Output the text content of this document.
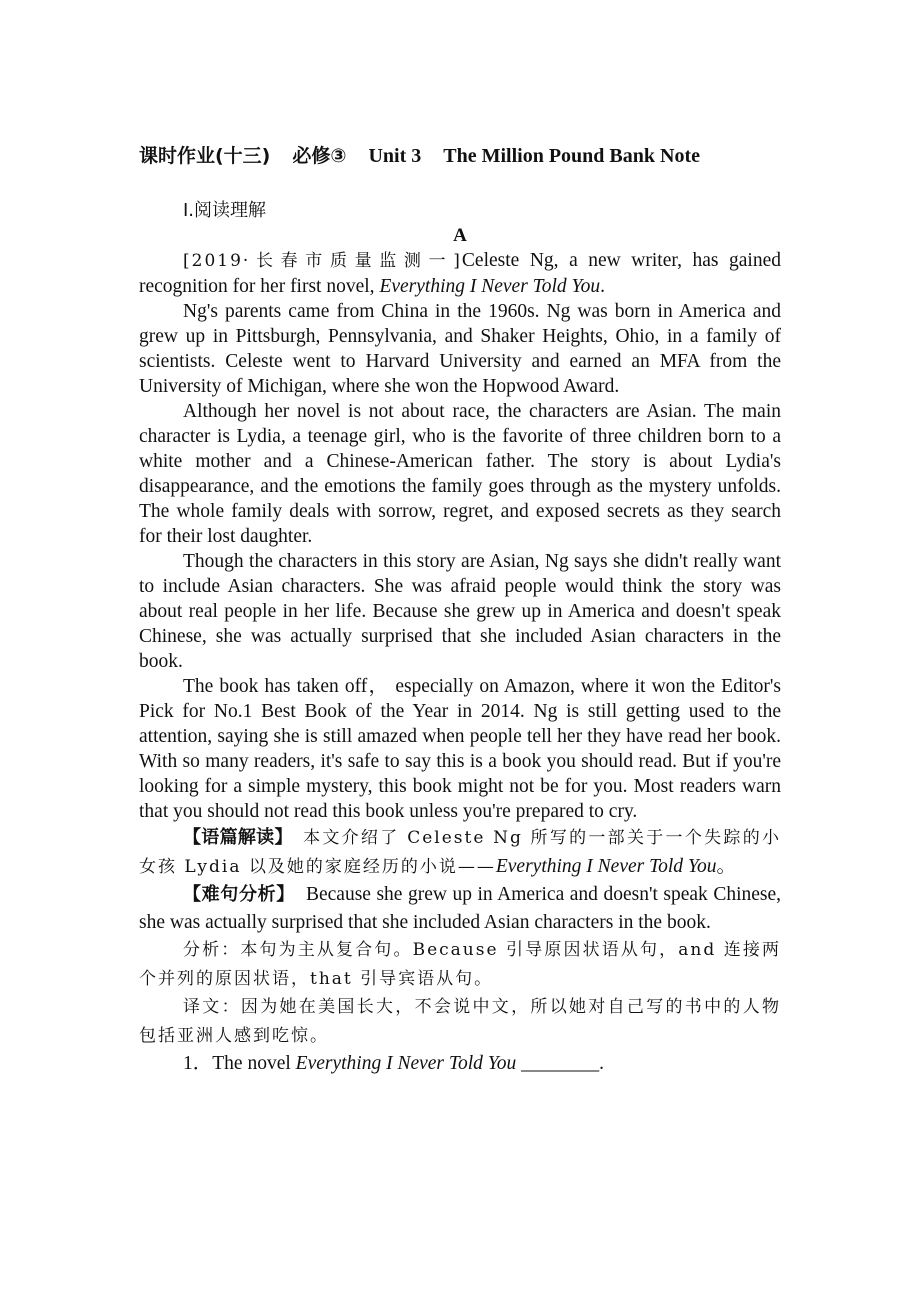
课时作业(十三) 必修③ Unit 3 The Million Pound Bank Note
Ⅰ.阅读理解
A

[2019·长春市质量监测一]Celeste Ng, a new writer, has gained recognition for her first novel, Everything I Never Told You.

Ng's parents came from China in the 1960s. Ng was born in America and grew up in Pittsburgh, Pennsylvania, and Shaker Heights, Ohio, in a family of scientists. Celeste went to Harvard University and earned an MFA from the University of Michigan, where she won the Hopwood Award.

Although her novel is not about race, the characters are Asian. The main character is Lydia, a teenage girl, who is the favorite of three children born to a white mother and a Chinese-American father. The story is about Lydia's disappearance, and the emotions the family goes through as the mystery unfolds. The whole family deals with sorrow, regret, and exposed secrets as they search for their lost daughter.

Though the characters in this story are Asian, Ng says she didn't really want to include Asian characters. She was afraid people would think the story was about real people in her life. Because she grew up in America and doesn't speak Chinese, she was actually surprised that she included Asian characters in the book.

The book has taken off， especially on Amazon, where it won the Editor's Pick for No.1 Best Book of the Year in 2014. Ng is still getting used to the attention, saying she is still amazed when people tell her they have read her book. With so many readers, it's safe to say this is a book you should read. But if you're looking for a simple mystery, this book might not be for you. Most readers warn that you should not read this book unless you're prepared to cry.

【语篇解读】 本文介绍了 Celeste Ng 所写的一部关于一个失踪的小女孩 Lydia 以及她的家庭经历的小说——Everything I Never Told You。

【难句分析】 Because she grew up in America and doesn't speak Chinese, she was actually surprised that she included Asian characters in the book.

分析：本句为主从复合句。Because 引导原因状语从句，and 连接两个并列的原因状语，that 引导宾语从句。

译文：因为她在美国长大，不会说中文，所以她对自己写的书中的人物包括亚洲人感到吃惊。

1．The novel Everything I Never Told You ________.
